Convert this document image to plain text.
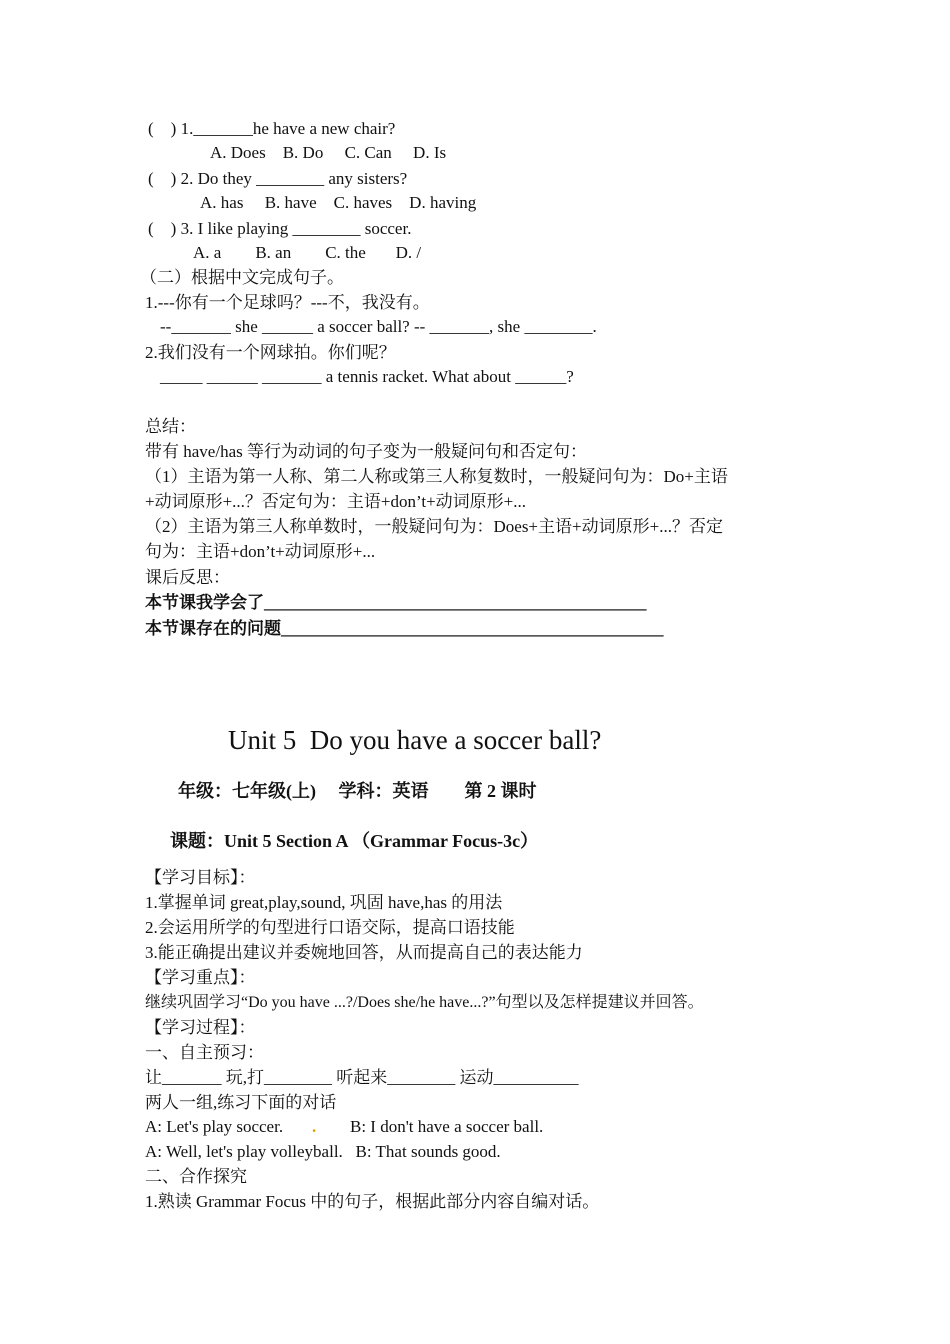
(    ) 1._______he have a new chair?
A. Does    B. Do     C. Can     D. Is
(    ) 2. Do they ________ any sisters?
A. has     B. have    C. haves    D. having
(    ) 3. I like playing ________ soccer.
A. a        B. an        C. the       D. /
（二）根据中文完成句子。
1.---你有一个足球吗？---不，我没有。
--_______ she ______ a soccer ball? -- _______, she ________.
2.我们没有一个网球拍。你们呢？
_____ ______ _______ a tennis racket. What about ______?
总结：
带有 have/has 等行为动词的句子变为一般疑问句和否定句：
（1）主语为第一人称、第二人称或第三人称复数时，一般疑问句为：Do+主语
+动词原形+...？否定句为：主语+don’t+动词原形+...
（2）主语为第三人称单数时，一般疑问句为：Does+主语+动词原形+...？否定
句为：主语+don’t+动词原形+...
课后反思：
本节课我学会了_____________________________________________
本节课存在的问题_____________________________________________
Unit 5  Do you have a soccer ball?
年级：七年级(上)     学科：英语        第 2 课时
课题：Unit 5 Section A （Grammar Focus-3c）
【学习目标】：
1.掌握单词 great,play,sound, 巩固 have,has 的用法
2.会运用所学的句型进行口语交际，提高口语技能
3.能正确提出建议并委婉地回答，从而提高自己的表达能力
【学习重点】：
继续巩固学习“Do you have ...?/Does she/he have...?”句型以及怎样提建议并回答。
【学习过程】：
一、自主预习：
让_______ 玩,打________ 听起来________ 运动__________
两人一组,练习下面的对话
A: Let's play soccer. . B: I don't have a soccer ball.
A: Well, let's play volleyball.   B: That sounds good.
二、合作探究
1.熟读 Grammar Focus 中的句子，根据此部分内容自编对话。
